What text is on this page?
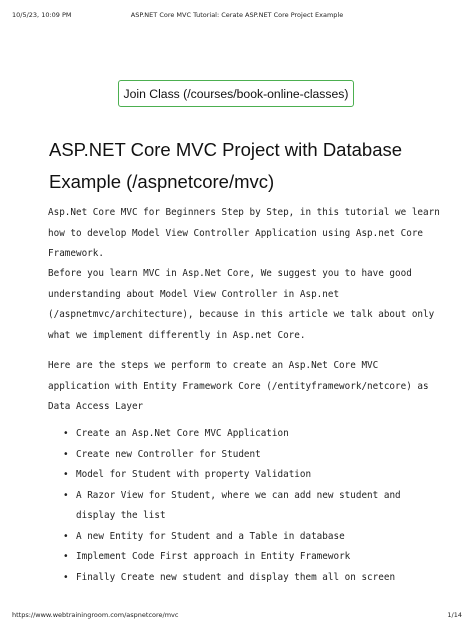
10/5/23, 10:09 PM	ASP.NET Core MVC Tutorial: Cerate ASP.NET Core Project Example
Join Class (/courses/book-online-classes)
ASP.NET Core MVC Project with Database
Example (/aspnetcore/mvc)

Asp.Net Core MVC for Beginners Step by Step, in this tutorial we learn
how to develop Model View Controller Application using Asp.net Core
Framework.

Before you learn MVC in Asp.Net Core, We suggest you to have good
understanding about Model View Controller in Asp.net
(/aspnetmvc/architecture), because in this article we talk about only
what we implement differently in Asp.net Core.

Here are the steps we perform to create an Asp.Net Core MVC
application with Entity Framework Core (/entityframework/netcore) as
Data Access Layer

• Create an Asp.Net Core MVC Application
• Create new Controller for Student
• Model for Student with property Validation
• A Razor View for Student, where we can add new student and
display the list
• A new Entity for Student and a Table in database
• Implement Code First approach in Entity Framework
• Finally Create new student and display them all on screen
https://www.webtrainingroom.com/aspnetcore/mvc	1/14
